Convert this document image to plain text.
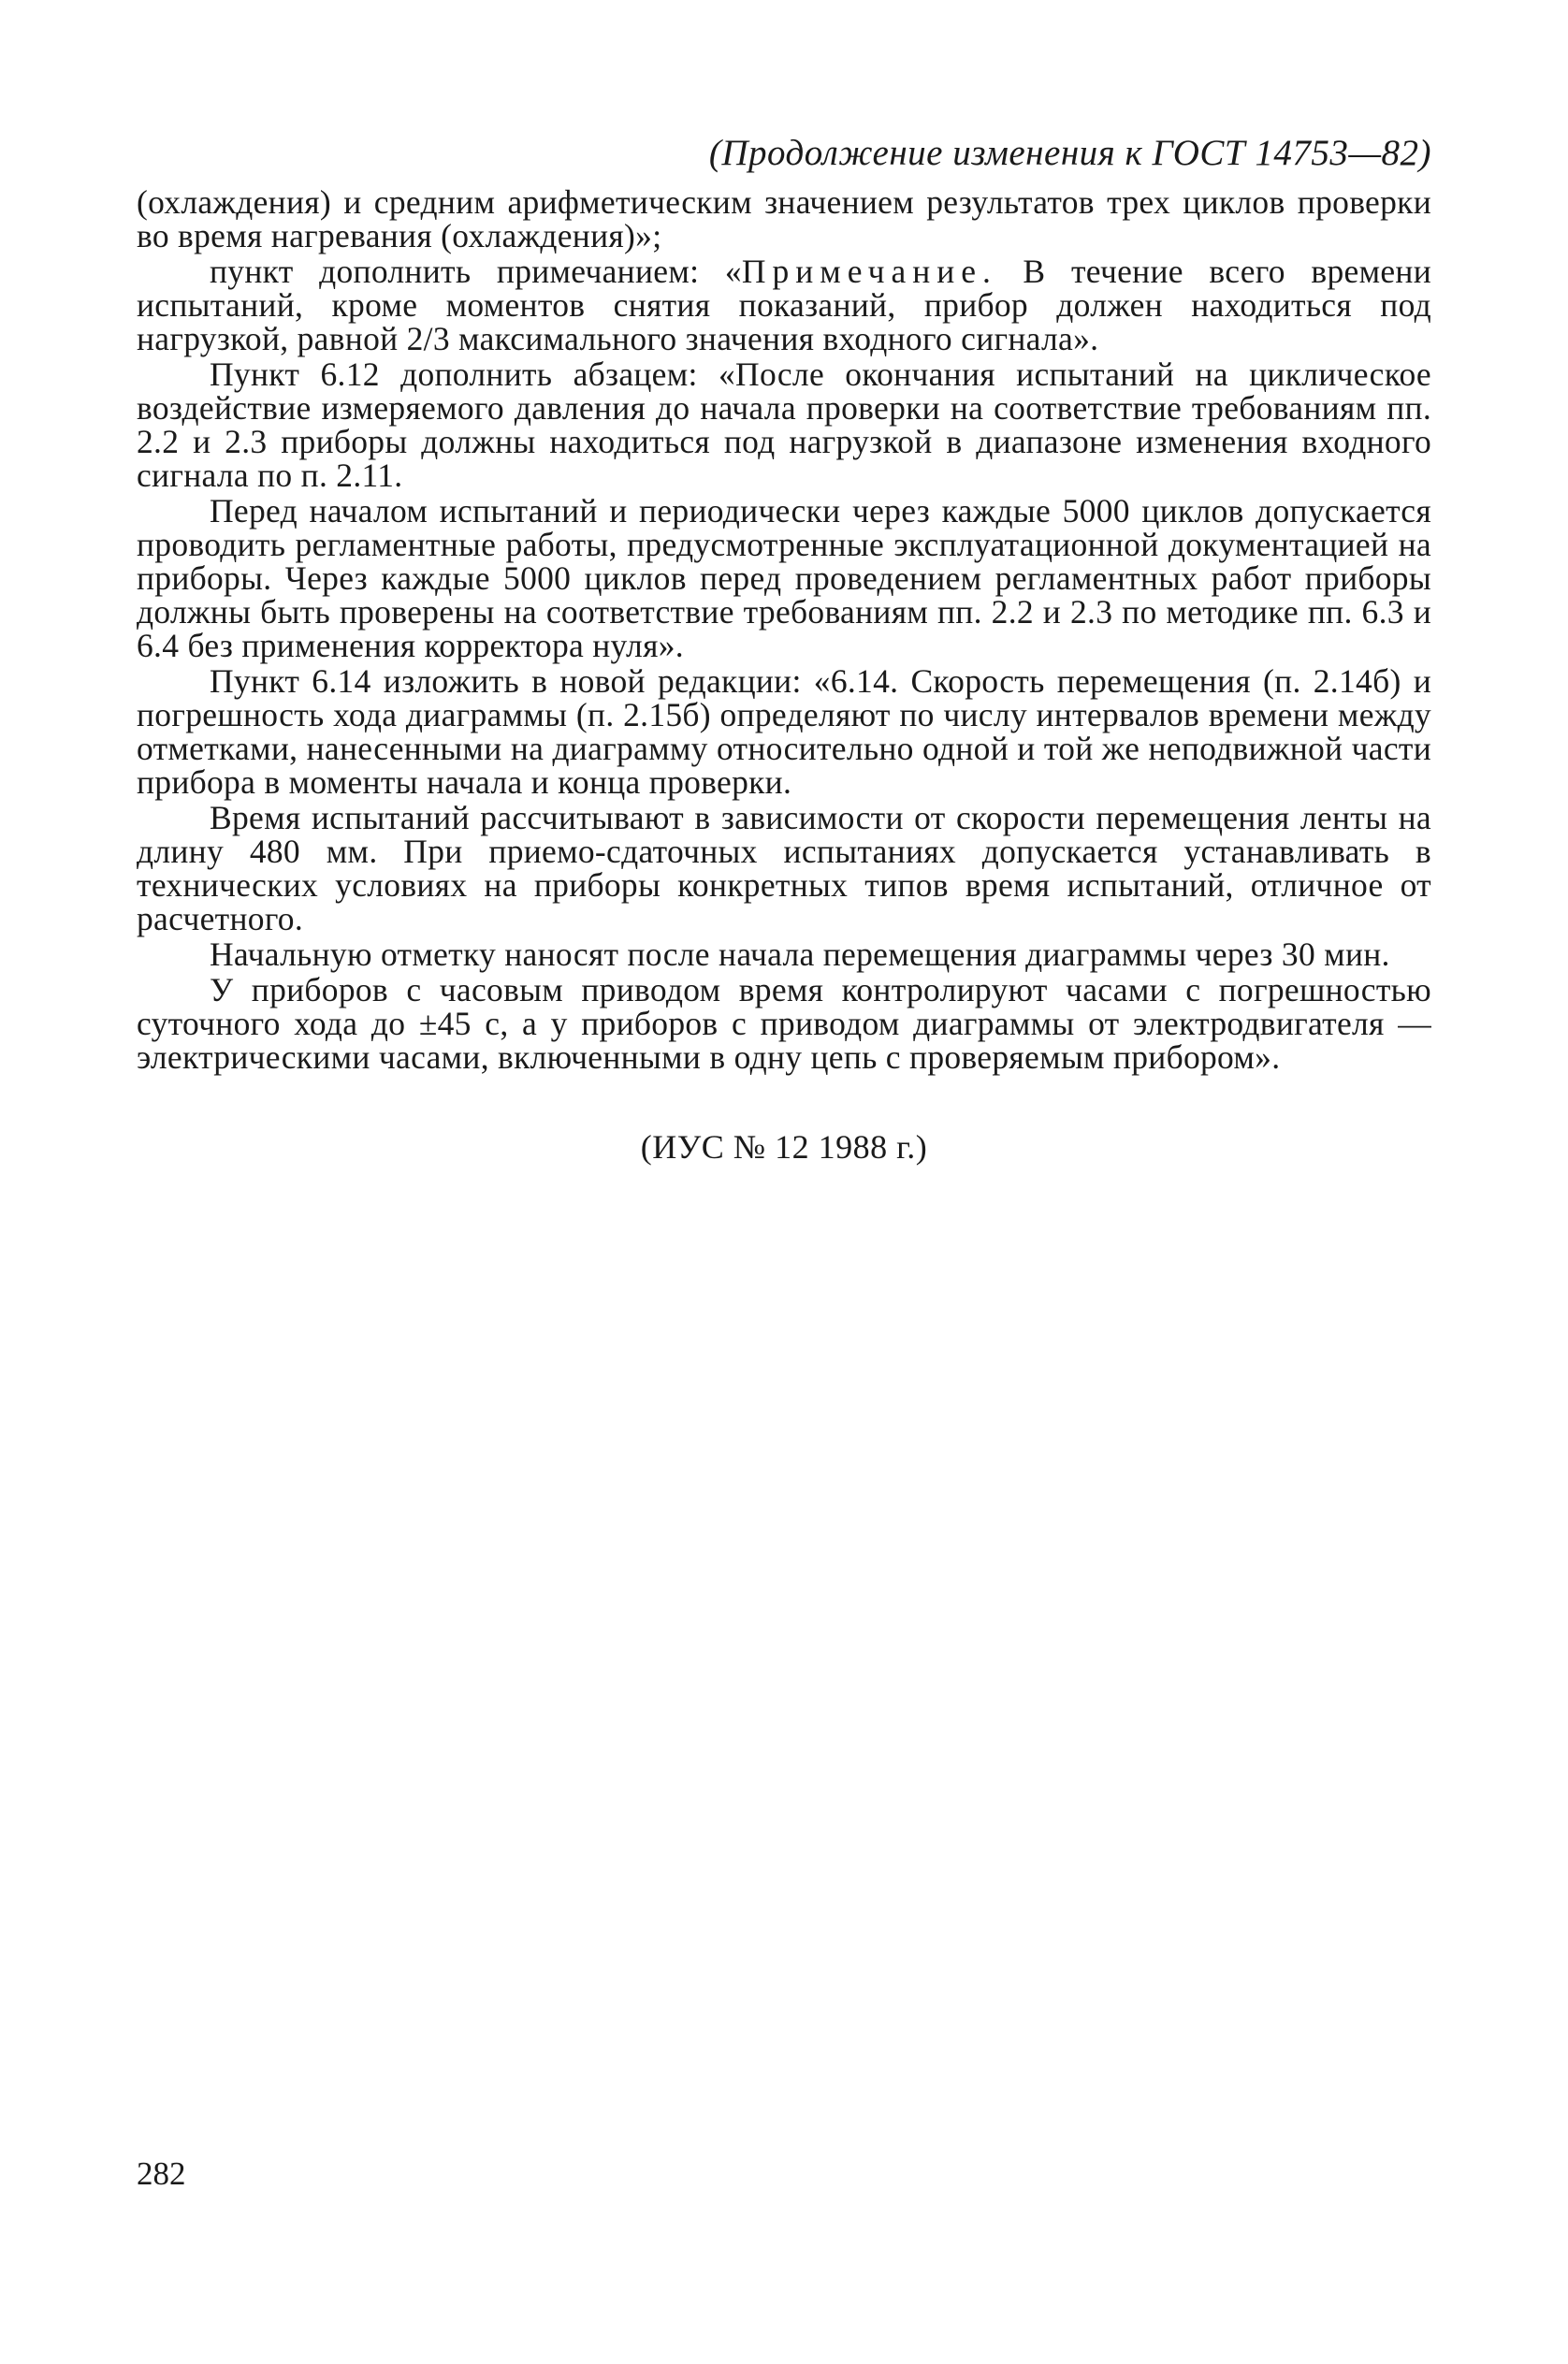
(Продолжение изменения к ГОСТ 14753—82)

(охлаждения) и средним арифметическим значением результатов трех циклов проверки во время нагревания (охлаждения)»;

пункт дополнить примечанием: «Примечание. В течение всего времени испытаний, кроме моментов снятия показаний, прибор должен находиться под нагрузкой, равной 2/3 максимального значения входного сигнала».

Пункт 6.12 дополнить абзацем: «После окончания испытаний на циклическое воздействие измеряемого давления до начала проверки на соответствие требованиям пп. 2.2 и 2.3 приборы должны находиться под нагрузкой в диапазоне изменения входного сигнала по п. 2.11.

Перед началом испытаний и периодически через каждые 5000 циклов допускается проводить регламентные работы, предусмотренные эксплуатационной документацией на приборы. Через каждые 5000 циклов перед проведением регламентных работ приборы должны быть проверены на соответствие требованиям пп. 2.2 и 2.3 по методике пп. 6.3 и 6.4 без применения корректора нуля».

Пункт 6.14 изложить в новой редакции: «6.14. Скорость перемещения (п. 2.14б) и погрешность хода диаграммы (п. 2.15б) определяют по числу интервалов времени между отметками, нанесенными на диаграмму относительно одной и той же неподвижной части прибора в моменты начала и конца проверки.

Время испытаний рассчитывают в зависимости от скорости перемещения ленты на длину 480 мм. При приемо-сдаточных испытаниях допускается устанавливать в технических условиях на приборы конкретных типов время испытаний, отличное от расчетного.

Начальную отметку наносят после начала перемещения диаграммы через 30 мин.

У приборов с часовым приводом время контролируют часами с погрешностью суточного хода до ±45 с, а у приборов с приводом диаграммы от электродвигателя — электрическими часами, включенными в одну цепь с проверяемым прибором».

(ИУС № 12 1988 г.)
282
